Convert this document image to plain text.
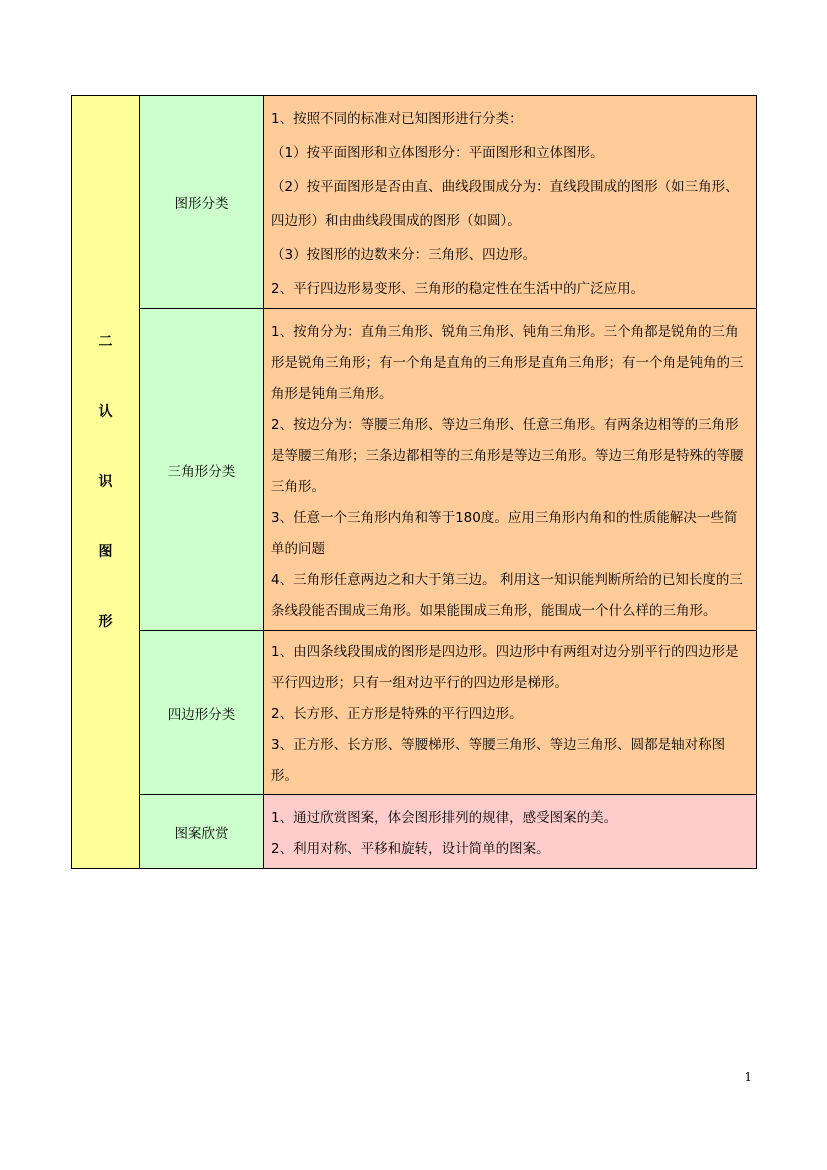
二
认
识
图
形	图形分类	1、按照不同的标准对已知图形进行分类：
（1）按平面图形和立体图形分：平面图形和立体图形。
（2）按平面图形是否由直、曲线段围成分为：直线段围成的图形（如三角形、四边形）和由曲线段围成的图形（如圆）。
（3）按图形的边数来分：三角形、四边形。
2、平行四边形易变形、三角形的稳定性在生活中的广泛应用。

	三角形分类	1、按角分为：直角三角形、锐角三角形、钝角三角形。三个角都是锐角的三角形是锐角三角形；有一个角是直角的三角形是直角三角形；有一个角是钝角的三角形是钝角三角形。
2、按边分为：等腰三角形、等边三角形、任意三角形。有两条边相等的三角形是等腰三角形；三条边都相等的三角形是等边三角形。等边三角形是特殊的等腰三角形。
3、任意一个三角形内角和等于180度。应用三角形内角和的性质能解决一些简单的问题
4、三角形任意两边之和大于第三边。 利用这一知识能判断所给的已知长度的三条线段能否围成三角形。如果能围成三角形，能围成一个什么样的三角形。

	四边形分类	1、由四条线段围成的图形是四边形。四边形中有两组对边分别平行的四边形是平行四边形；只有一组对边平行的四边形是梯形。
2、长方形、正方形是特殊的平行四边形。
3、正方形、长方形、等腰梯形、等腰三角形、等边三角形、圆都是轴对称图形。

	图案欣赏	1、通过欣赏图案，体会图形排列的规律，感受图案的美。
2、利用对称、平移和旋转，设计简单的图案。
1
